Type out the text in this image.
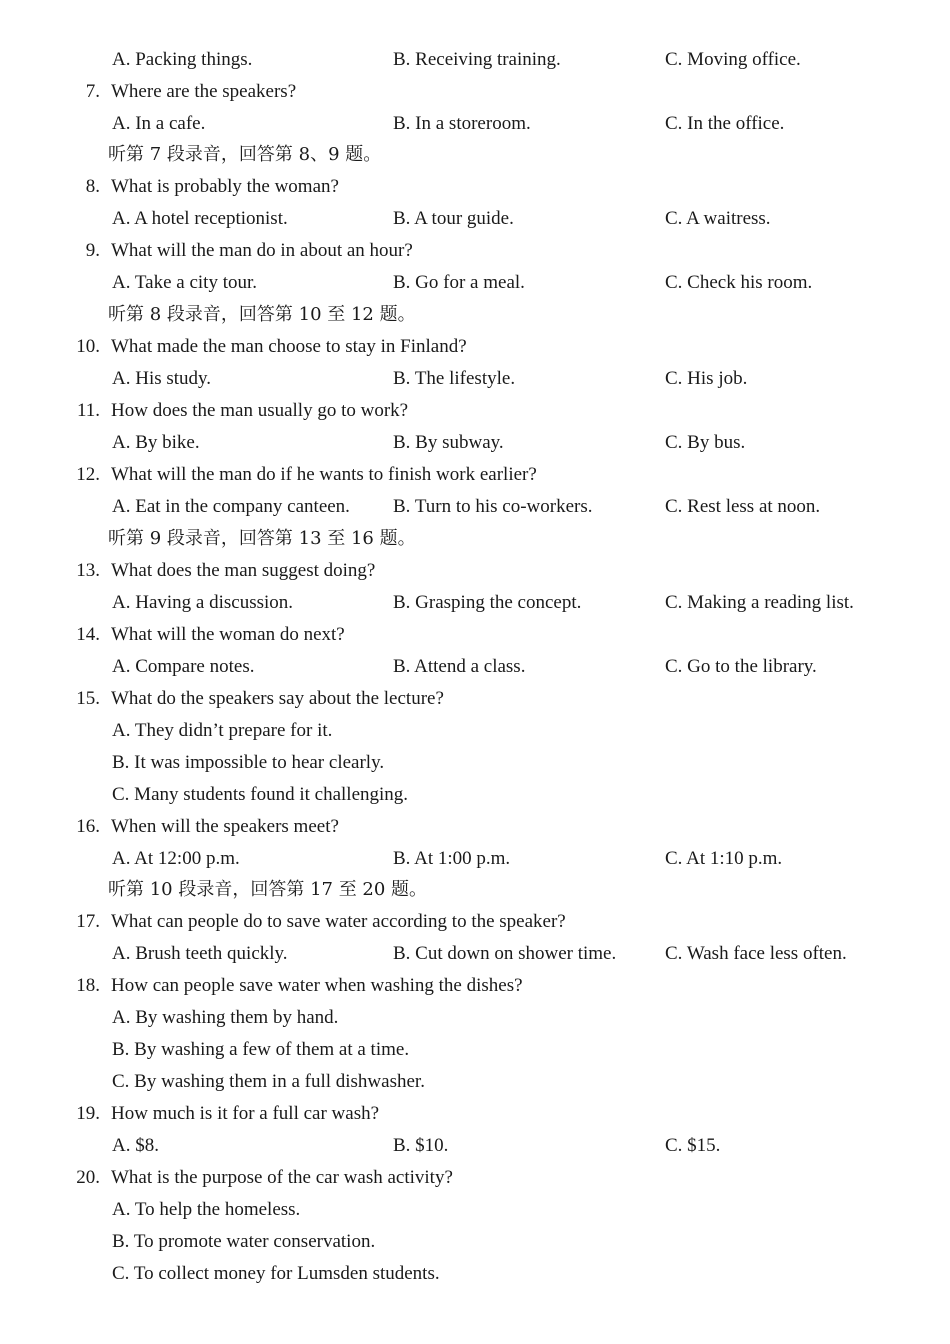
A. Packing things.	B. Receiving training.	C. Moving office.
7. Where are the speakers?
A. In a cafe.	B. In a storeroom.	C. In the office.
听第 7 段录音，回答第 8、9 题。
8. What is probably the woman?
A. A hotel receptionist.	B. A tour guide.	C. A waitress.
9. What will the man do in about an hour?
A. Take a city tour.	B. Go for a meal.	C. Check his room.
听第 8 段录音，回答第 10 至 12 题。
10. What made the man choose to stay in Finland?
A. His study.	B. The lifestyle.	C. His job.
11. How does the man usually go to work?
A. By bike.	B. By subway.	C. By bus.
12. What will the man do if he wants to finish work earlier?
A. Eat in the company canteen. B. Turn to his co-workers.	C. Rest less at noon.
听第 9 段录音，回答第 13 至 16 题。
13. What does the man suggest doing?
A. Having a discussion.	B. Grasping the concept.	C. Making a reading list.
14. What will the woman do next?
A. Compare notes.	B. Attend a class.	C. Go to the library.
15. What do the speakers say about the lecture?
A. They didn’t prepare for it.
B. It was impossible to hear clearly.
C. Many students found it challenging.
16. When will the speakers meet?
A. At 12:00 p.m.	B. At 1:00 p.m.	C. At 1:10 p.m.
听第 10 段录音，回答第 17 至 20 题。
17. What can people do to save water according to the speaker?
A. Brush teeth quickly.	B. Cut down on shower time.	C. Wash face less often.
18. How can people save water when washing the dishes?
A. By washing them by hand.
B. By washing a few of them at a time.
C. By washing them in a full dishwasher.
19. How much is it for a full car wash?
A. $8.	B. $10.	C. $15.
20. What is the purpose of the car wash activity?
A. To help the homeless.
B. To promote water conservation.
C. To collect money for Lumsden students.
